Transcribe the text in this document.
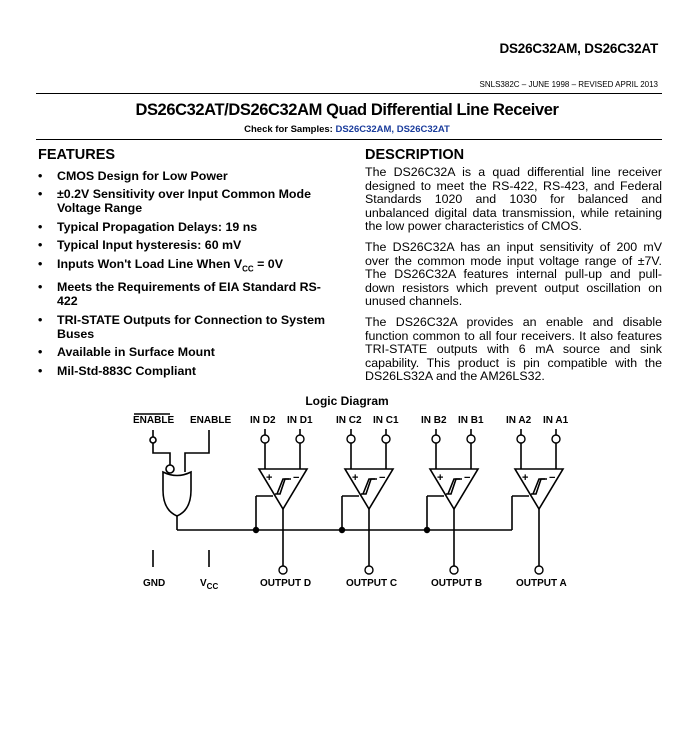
DS26C32AM, DS26C32AT
SNLS382C – JUNE 1998 – REVISED APRIL 2013
DS26C32AT/DS26C32AM Quad Differential Line Receiver
Check for Samples: DS26C32AM, DS26C32AT
FEATURES
• CMOS Design for Low Power
• ±0.2V Sensitivity over Input Common Mode Voltage Range
• Typical Propagation Delays: 19 ns
• Typical Input hysteresis: 60 mV
• Inputs Won't Load Line When $V_{CC} = 0V$
• Meets the Requirements of EIA Standard RS-422
• TRI-STATE Outputs for Connection to System Buses
• Available in Surface Mount
• Mil-Std-883C Compliant
DESCRIPTION

The DS26C32A is a quad differential line receiver designed to meet the RS-422, RS-423, and Federal Standards 1020 and 1030 for balanced and unbalanced digital data transmission, while retaining the low power characteristics of CMOS.

The DS26C32A has an input sensitivity of 200 mV over the common mode input voltage range of ±7V. The DS26C32A features internal pull-up and pull-down resistors which prevent output oscillation on unused channels.

The DS26C32A provides an enable and disable function common to all four receivers. It also features TRI-STATE outputs with 6 mA source and sink capability. This product is pin compatible with the DS26LS32A and the AM26LS32.

Logic Diagram
+ −	+ −	+ −	+ −
ENABLE ENABLE
GND	$V_{CC}$
IN D2 IN D1
OUTPUT D
IN C2 IN C1
OUTPUT C
IN B2 IN B1
OUTPUT B
IN A2 IN A1
OUTPUT A
